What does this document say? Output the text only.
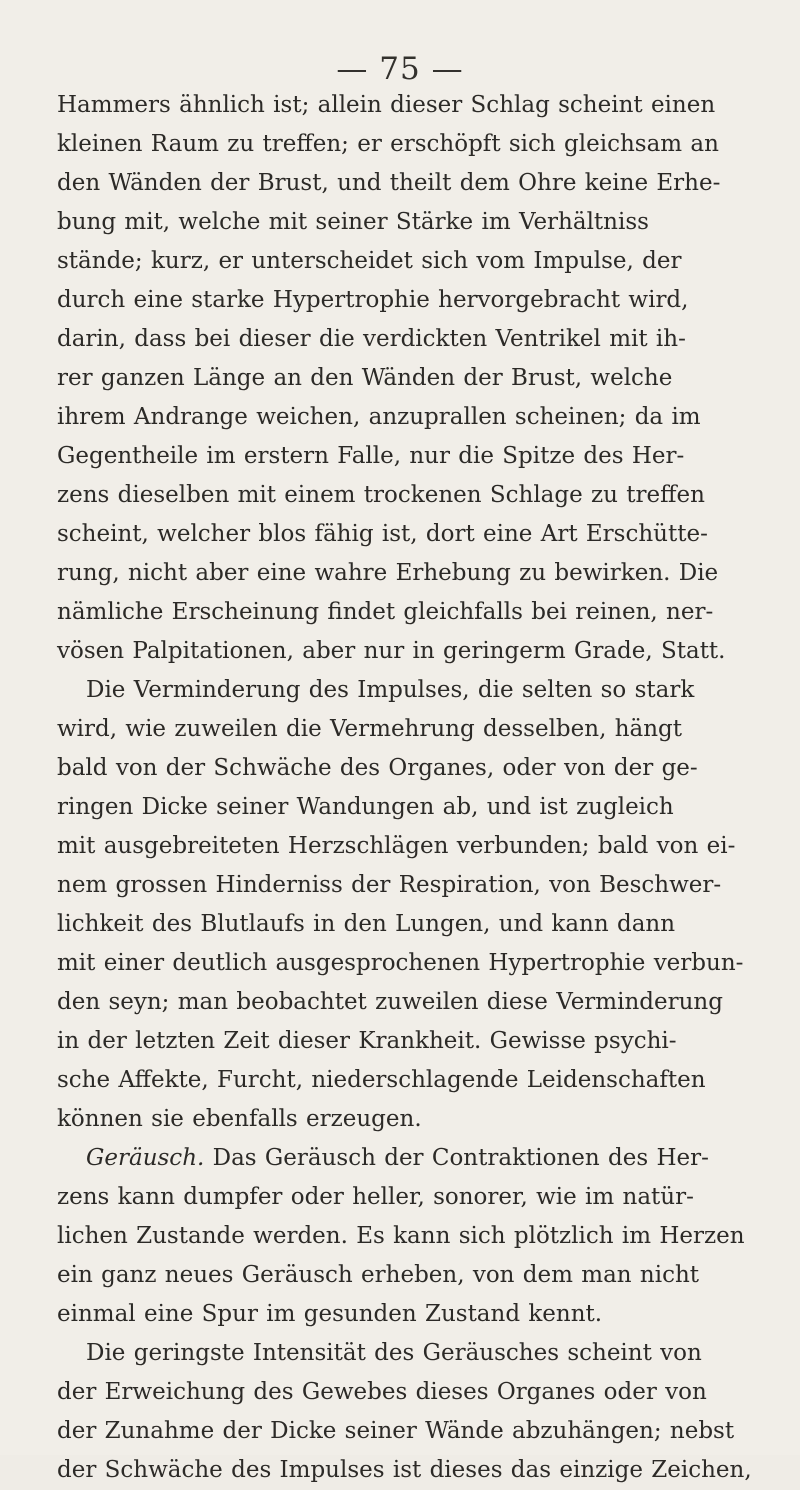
— 75 —
Hammers ähnlich ist; allein dieser Schlag scheint einen
kleinen Raum zu treffen; er erschöpft sich gleichsam an
den Wänden der Brust, und theilt dem Ohre keine Erhe-
bung mit, welche mit seiner Stärke im Verhältniss
stände; kurz, er unterscheidet sich vom Impulse, der
durch eine starke Hypertrophie hervorgebracht wird,
darin, dass bei dieser die verdickten Ventrikel mit ih-
rer ganzen Länge an den Wänden der Brust, welche
ihrem Andrange weichen, anzuprallen scheinen; da im
Gegentheile im erstern Falle, nur die Spitze des Her-
zens dieselben mit einem trockenen Schlage zu treffen
scheint, welcher blos fähig ist, dort eine Art Erschütte-
rung, nicht aber eine wahre Erhebung zu bewirken. Die
nämliche Erscheinung findet gleichfalls bei reinen, ner-
vösen Palpitationen, aber nur in geringerm Grade, Statt.
Die Verminderung des Impulses, die selten so stark
wird, wie zuweilen die Vermehrung desselben, hängt
bald von der Schwäche des Organes, oder von der ge-
ringen Dicke seiner Wandungen ab, und ist zugleich
mit ausgebreiteten Herzschlägen verbunden; bald von ei-
nem grossen Hinderniss der Respiration, von Beschwer-
lichkeit des Blutlaufs in den Lungen, und kann dann
mit einer deutlich ausgesprochenen Hypertrophie verbun-
den seyn; man beobachtet zuweilen diese Verminderung
in der letzten Zeit dieser Krankheit. Gewisse psychi-
sche Affekte, Furcht, niederschlagende Leidenschaften
können sie ebenfalls erzeugen.
Geräusch. Das Geräusch der Contraktionen des Her-
zens kann dumpfer oder heller, sonorer, wie im natür-
lichen Zustande werden. Es kann sich plötzlich im Herzen
ein ganz neues Geräusch erheben, von dem man nicht
einmal eine Spur im gesunden Zustand kennt.
Die geringste Intensität des Geräusches scheint von
der Erweichung des Gewebes dieses Organes oder von
der Zunahme der Dicke seiner Wände abzuhängen; nebst
der Schwäche des Impulses ist dieses das einzige Zeichen,
